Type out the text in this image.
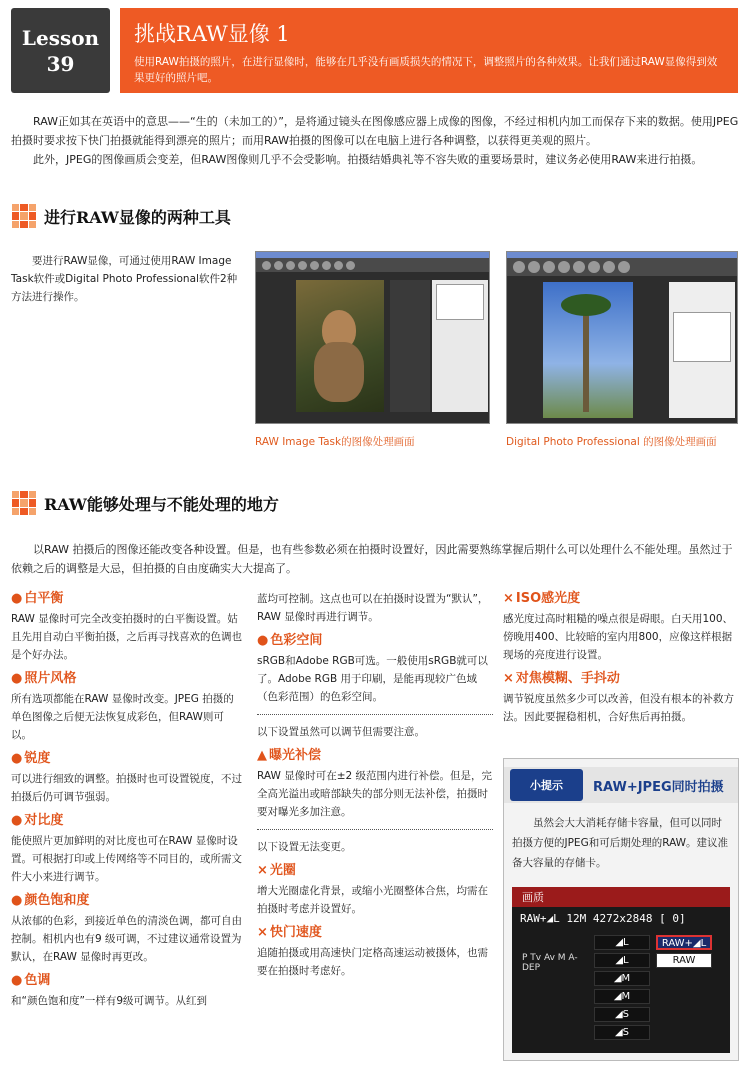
Lesson
39
挑战RAW显像 1

使用RAW拍摄的照片，在进行显像时，能够在几乎没有画质损失的情况下，调整照片的各种效果。让我们通过RAW显像得到效果更好的照片吧。

RAW正如其在英语中的意思——“生的（未加工的）”，是将通过镜头在图像感应器上成像的图像，不经过相机内加工而保存下来的数据。使用JPEG拍摄时要求按下快门拍摄就能得到漂亮的照片；而用RAW拍摄的图像可以在电脑上进行各种调整，以获得更美观的照片。

此外，JPEG的图像画质会变差，但RAW图像则几乎不会受影响。拍摄结婚典礼等不容失败的重要场景时，建议务必使用RAW来进行拍摄。

进行RAW显像的两种工具
要进行RAW显像，可通过使用RAW Image Task软件或Digital Photo Professional软件2种方法进行操作。
RAW Image Task的图像处理画面	Digital Photo Professional 的图像处理画面
RAW能够处理与不能处理的地方
以RAW 拍摄后的图像还能改变各种设置。但是，也有些参数必须在拍摄时设置好，因此需要熟练掌握后期什么可以处理什么不能处理。虽然过于依赖之后的调整是大忌，但拍摄的自由度确实大大提高了。
● 白平衡

RAW 显像时可完全改变拍摄时的白平衡设置。姑且先用自动白平衡拍摄，之后再寻找喜欢的色调也是个好办法。

● 照片风格

所有选项都能在RAW 显像时改变。JPEG 拍摄的单色图像之后便无法恢复成彩色，但RAW则可以。

● 锐度

可以进行细致的调整。拍摄时也可设置锐度，不过拍摄后仍可调节强弱。

● 对比度

能使照片更加鲜明的对比度也可在RAW 显像时设置。可根据打印或上传网络等不同目的，或所需文件大小来进行调节。

● 颜色饱和度

从浓郁的色彩，到接近单色的清淡色调，都可自由控制。相机内也有9 级可调，不过建议通常设置为默认，在RAW 显像时再更改。

● 色调

和“颜色饱和度”一样有9级可调节。从红到

蓝均可控制。这点也可以在拍摄时设置为“默认”，RAW 显像时再进行调节。

● 色彩空间

sRGB和Adobe RGB可选。一般使用sRGB就可以了。Adobe RGB 用于印刷，是能再现较广色域（色彩范围）的色彩空间。

以下设置虽然可以调节但需要注意。

▲ 曝光补偿

RAW 显像时可在±2 级范围内进行补偿。但是，完全高光溢出或暗部缺失的部分则无法补偿，拍摄时要对曝光多加注意。

以下设置无法变更。

× 光圈

增大光圈虚化背景，或缩小光圈整体合焦，均需在拍摄时考虑并设置好。

× 快门速度

追随拍摄或用高速快门定格高速运动被摄体，也需要在拍摄时考虑好。

× ISO感光度

感光度过高时粗糙的噪点很是碍眼。白天用100、傍晚用400、比较暗的室内用800，应像这样根据现场的亮度进行设置。

× 对焦模糊、手抖动

调节锐度虽然多少可以改善，但没有根本的补救方法。因此要握稳相机，合好焦后再拍摄。

小提示	RAW+JPEG同时拍摄
虽然会大大消耗存储卡容量，但可以同时拍摄方便的JPEG和可后期处理的RAW。建议准备大容量的存储卡。
画质
RAW+◢L 12M 4272x2848 [ 0]
P Tv Av M A-DEP
◢L	RAW+◢L
◢L	RAW
◢M
◢M
◢S
◢S
